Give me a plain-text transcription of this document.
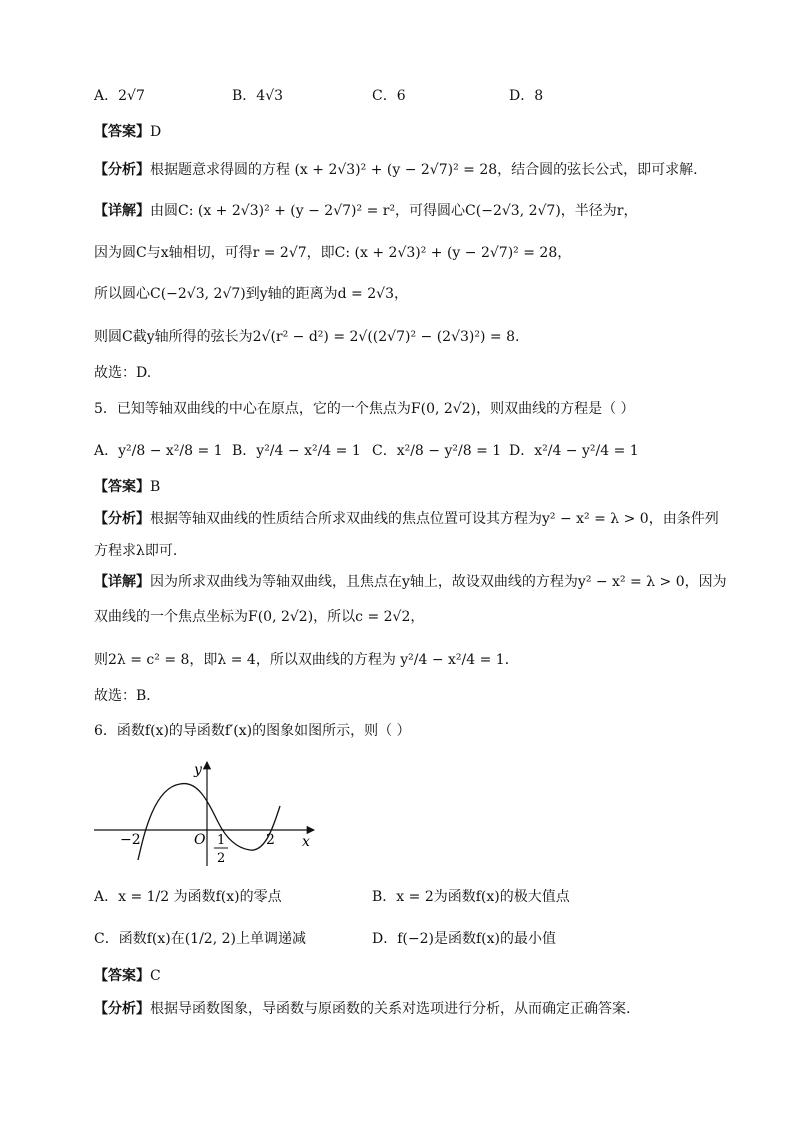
A．2√7	B．4√3	C．6	D．8
【答案】D
【分析】根据题意求得圆的方程 (x + 2√3)² + (y − 2√7)² = 28，结合圆的弦长公式，即可求解.
【详解】由圆C: (x + 2√3)² + (y − 2√7)² = r²，可得圆心C(−2√3, 2√7)，半径为r，
因为圆C与x轴相切，可得r = 2√7，即C: (x + 2√3)² + (y − 2√7)² = 28，
所以圆心C(−2√3, 2√7)到y轴的距离为d = 2√3，
则圆C截y轴所得的弦长为2√(r² − d²) = 2√((2√7)² − (2√3)²) = 8.
故选：D.
5．已知等轴双曲线的中心在原点，它的一个焦点为F(0, 2√2)，则双曲线的方程是（ ）
A．y²/8 − x²/8 = 1 B．y²/4 − x²/4 = 1 C．x²/8 − y²/8 = 1 D．x²/4 − y²/4 = 1
【答案】B
【分析】根据等轴双曲线的性质结合所求双曲线的焦点位置可设其方程为y² − x² = λ > 0，由条件列
方程求λ即可.
【详解】因为所求双曲线为等轴双曲线，且焦点在y轴上，故设双曲线的方程为y² − x² = λ > 0，因为
双曲线的一个焦点坐标为F(0, 2√2)，所以c = 2√2，
则2λ = c² = 8，即λ = 4，所以双曲线的方程为 y²/4 − x²/4 = 1．
故选：B．
6．函数f(x)的导函数f′(x)的图象如图所示，则（ ）
y
x
O
−2	1
2
2
A．x = 1/2 为函数f(x)的零点	B．x = 2为函数f(x)的极大值点
C．函数f(x)在(1/2, 2)上单调递减	D．f(−2)是函数f(x)的最小值
【答案】C
【分析】根据导函数图象，导函数与原函数的关系对选项进行分析，从而确定正确答案.
